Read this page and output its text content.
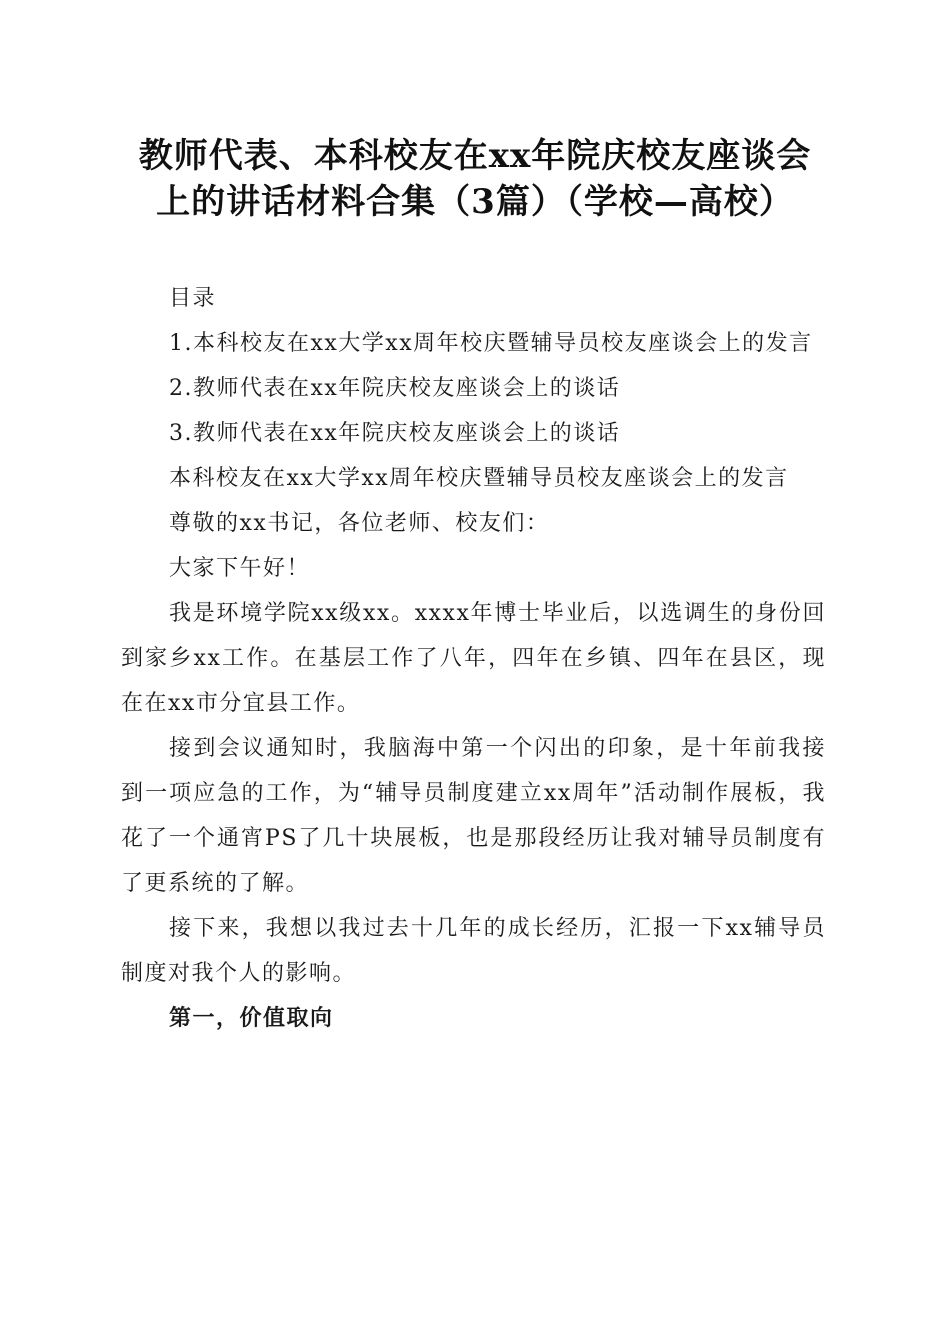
教师代表、本科校友在xx年院庆校友座谈会
上的讲话材料合集（3篇）（学校—高校）

目录

1.本科校友在xx大学xx周年校庆暨辅导员校友座谈会上的发言

2.教师代表在xx年院庆校友座谈会上的谈话

3.教师代表在xx年院庆校友座谈会上的谈话

本科校友在xx大学xx周年校庆暨辅导员校友座谈会上的发言

尊敬的xx书记，各位老师、校友们：

大家下午好！

我是环境学院xx级xx。xxxx年博士毕业后，以选调生的身份回到家乡xx工作。在基层工作了八年，四年在乡镇、四年在县区，现在在xx市分宜县工作。

接到会议通知时，我脑海中第一个闪出的印象，是十年前我接到一项应急的工作，为“辅导员制度建立xx周年”活动制作展板，我花了一个通宵PS了几十块展板，也是那段经历让我对辅导员制度有了更系统的了解。

接下来，我想以我过去十几年的成长经历，汇报一下xx辅导员制度对我个人的影响。

第一，价值取向
